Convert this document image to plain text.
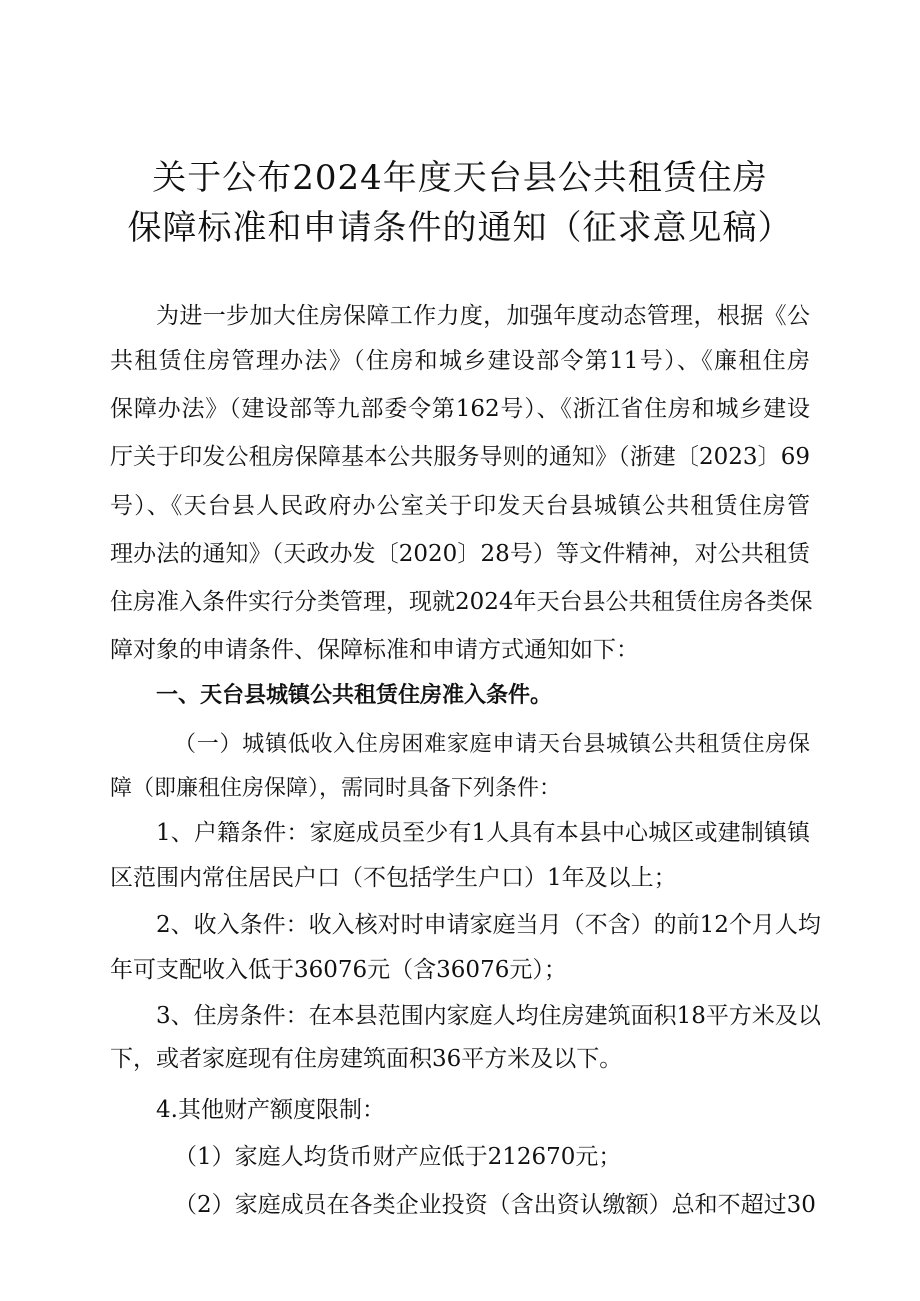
关于公布2024年度天台县公共租赁住房
保障标准和申请条件的通知（征求意见稿）
为进一步加大住房保障工作力度，加强年度动态管理，根据《公
共租赁住房管理办法》（住房和城乡建设部令第11号）、《廉租住房
保障办法》（建设部等九部委令第162号）、《浙江省住房和城乡建设
厅关于印发公租房保障基本公共服务导则的通知》（浙建〔2023〕69
号）、《天台县人民政府办公室关于印发天台县城镇公共租赁住房管
理办法的通知》（天政办发〔2020〕28号）等文件精神，对公共租赁
住房准入条件实行分类管理，现就2024年天台县公共租赁住房各类保
障对象的申请条件、保障标准和申请方式通知如下：
一、天台县城镇公共租赁住房准入条件。
（一）城镇低收入住房困难家庭申请天台县城镇公共租赁住房保
障（即廉租住房保障），需同时具备下列条件：
1、户籍条件：家庭成员至少有1人具有本县中心城区或建制镇镇
区范围内常住居民户口（不包括学生户口）1年及以上；
2、收入条件：收入核对时申请家庭当月（不含）的前12个月人均
年可支配收入低于36076元（含36076元）；
3、住房条件：在本县范围内家庭人均住房建筑面积18平方米及以
下，或者家庭现有住房建筑面积36平方米及以下。
4.其他财产额度限制：
（1）家庭人均货币财产应低于212670元；
（2）家庭成员在各类企业投资（含出资认缴额）总和不超过30
